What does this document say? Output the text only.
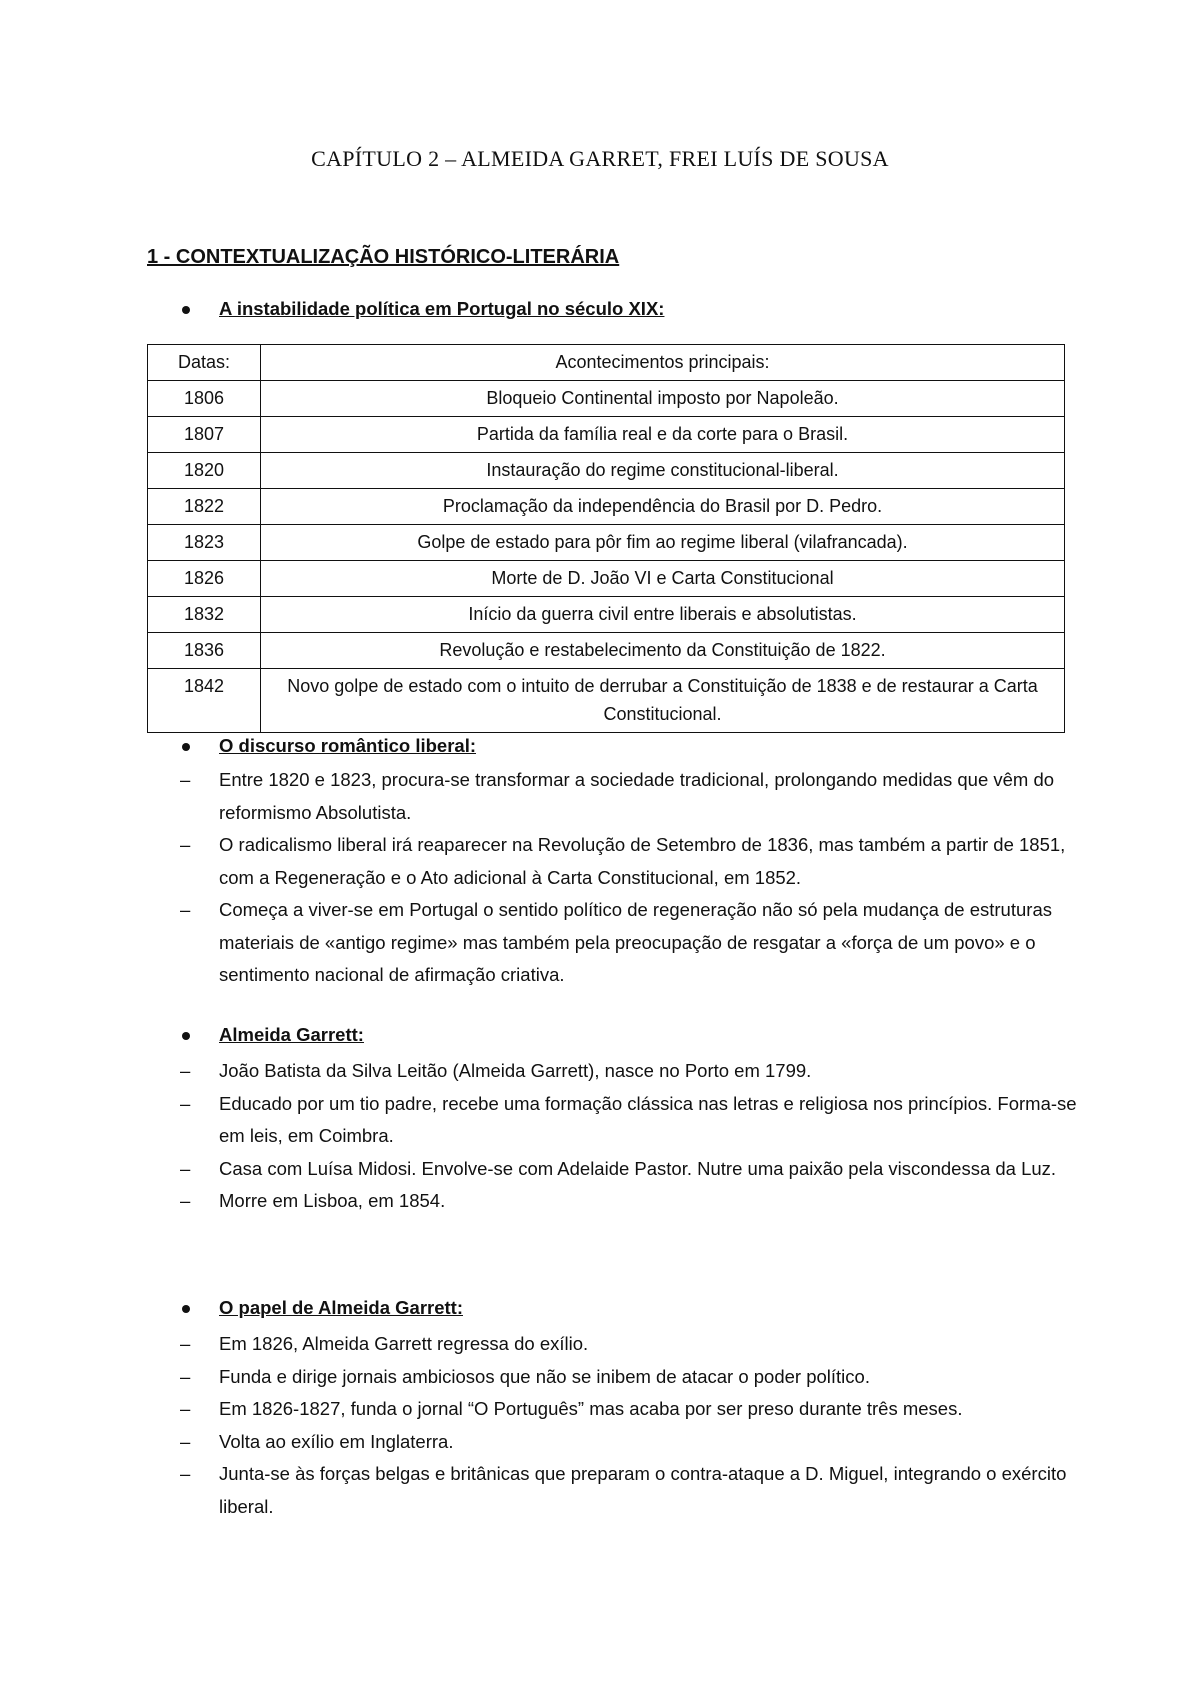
CAPÍTULO 2 – ALMEIDA GARRET, FREI LUÍS DE SOUSA
1 - CONTEXTUALIZAÇÃO HISTÓRICO-LITERÁRIA
A instabilidade política em Portugal no século XIX:
Datas:	Acontecimentos principais:
1806	Bloqueio Continental imposto por Napoleão.
1807	Partida da família real e da corte para o Brasil.
1820	Instauração do regime constitucional-liberal.
1822	Proclamação da independência do Brasil por D. Pedro.
1823	Golpe de estado para pôr fim ao regime liberal (vilafrancada).
1826	Morte de D. João VI e Carta Constitucional
1832	Início da guerra civil entre liberais e absolutistas.
1836	Revolução e restabelecimento da Constituição de 1822.
1842	Novo golpe de estado com o intuito de derrubar a Constituição de 1838 e de restaurar a Carta Constitucional.
O discurso romântico liberal:
– Entre 1820 e 1823, procura-se transformar a sociedade tradicional, prolongando medidas que vêm do reformismo Absolutista.
– O radicalismo liberal irá reaparecer na Revolução de Setembro de 1836, mas também a partir de 1851, com a Regeneração e o Ato adicional à Carta Constitucional, em 1852.
– Começa a viver-se em Portugal o sentido político de regeneração não só pela mudança de estruturas materiais de «antigo regime» mas também pela preocupação de resgatar a «força de um povo» e o sentimento nacional de afirmação criativa.
Almeida Garrett:
– João Batista da Silva Leitão (Almeida Garrett), nasce no Porto em 1799.
– Educado por um tio padre, recebe uma formação clássica nas letras e religiosa nos princípios. Forma-se em leis, em Coimbra.
– Casa com Luísa Midosi. Envolve-se com Adelaide Pastor. Nutre uma paixão pela viscondessa da Luz.
– Morre em Lisboa, em 1854.
O papel de Almeida Garrett:
– Em 1826, Almeida Garrett regressa do exílio.
– Funda e dirige jornais ambiciosos que não se inibem de atacar o poder político.
– Em 1826-1827, funda o jornal “O Português” mas acaba por ser preso durante três meses.
– Volta ao exílio em Inglaterra.
– Junta-se às forças belgas e britânicas que preparam o contra-ataque a D. Miguel, integrando o exército liberal.
